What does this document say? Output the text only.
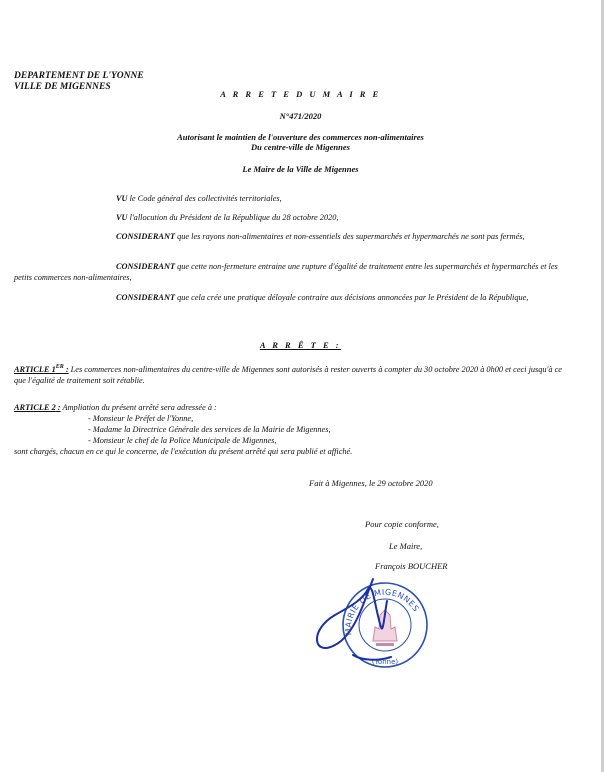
DEPARTEMENT DE L'YONNE
VILLE DE MIGENNES
A R R E T E D U M A I R E
N°471/2020
Autorisant le maintien de l'ouverture des commerces non-alimentaires
Du centre-ville de Migennes
Le Maire de la Ville de Migennes
VU le Code général des collectivités territoriales,
VU l'allocution du Président de la République du 28 octobre 2020,
CONSIDERANT que les rayons non-alimentaires et non-essentiels des supermarchés et hypermarchés ne sont pas fermés,
CONSIDERANT que cette non-fermeture entraine une rupture d'égalité de traitement entre les supermarchés et hypermarchés et les petits commerces non-alimentaires,
CONSIDERANT que cela crée une pratique déloyale contraire aux décisions annoncées par le Président de la République,
A R R Ê T E :
ARTICLE 1ER : Les commerces non-alimentaires du centre-ville de Migennes sont autorisés à rester ouverts à compter du 30 octobre 2020 à 0h00 et ceci jusqu'à ce que l'égalité de traitement soit rétablie.
ARTICLE 2 : Ampliation du présent arrêté sera adressée à :
- Monsieur le Préfet de l'Yonne,
- Madame la Directrice Générale des services de la Mairie de Migennes,
- Monsieur le chef de la Police Municipale de Migennes,
sont chargés, chacun en ce qui le concerne, de l'exécution du présent arrêté qui sera publié et affiché.
Fait à Migennes, le 29 octobre 2020
Pour copie conforme,
Le Maire,
François BOUCHER
MAIRIE DE MIGENNES
(Yonne)
